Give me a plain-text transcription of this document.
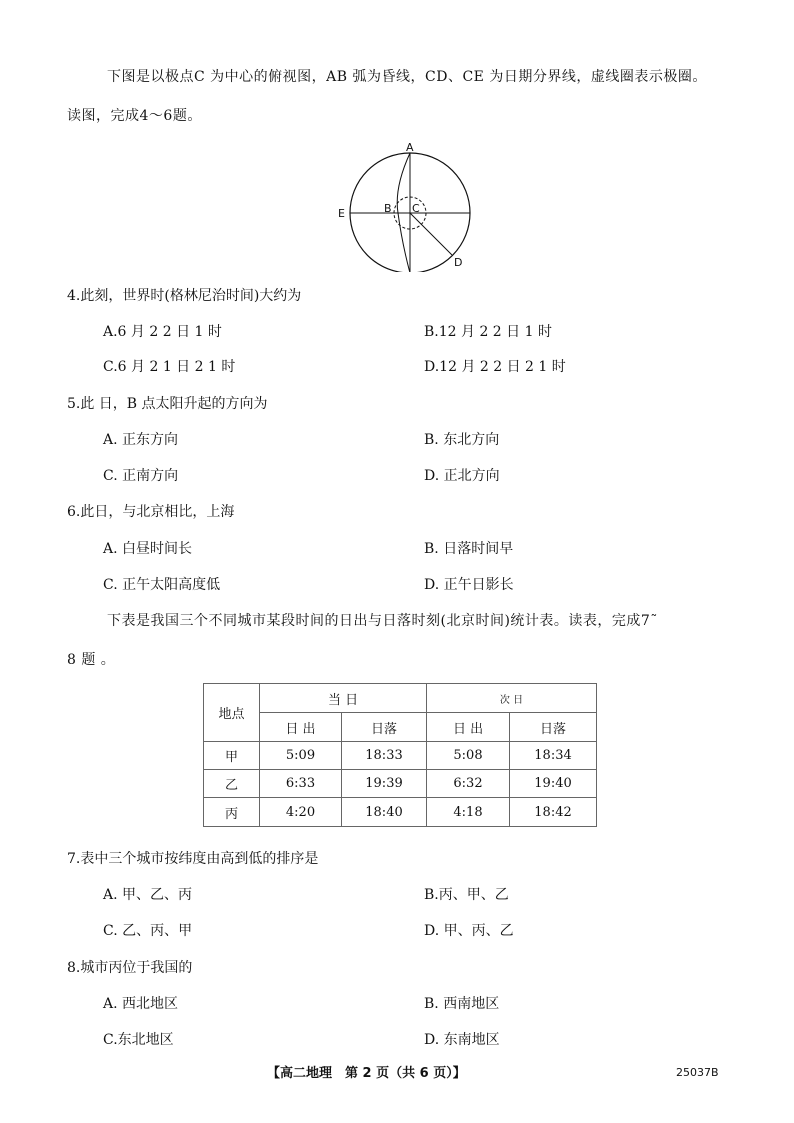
下图是以极点C 为中心的俯视图，AB 弧为昏线，CD、CE 为日期分界线，虚线圈表示极圈。
读图，完成4～6题。
A
B C
D
E
4.此刻，世界时(格林尼治时间)大约为
A.6 月 2 2 日 1 时	B.12 月 2 2 日 1 时
C.6 月 2 1 日 2 1 时	D.12 月 2 2 日 2 1 时
5.此 日，B 点太阳升起的方向为
A. 正东方向	B. 东北方向
C. 正南方向	D. 正北方向
6.此日，与北京相比，上海
A. 白昼时间长	B. 日落时间早
C. 正午太阳高度低	D. 正午日影长
下表是我国三个不同城市某段时间的日出与日落时刻(北京时间)统计表。读表，完成7˜
8 题 。
地点	当 日		次 日	
	日 出	日落	日 出	日落
甲	5:09	18:33	5:08	18:34
乙	6:33	19:39	6:32	19:40
丙	4:20	18:40	4:18	18:42
7.表中三个城市按纬度由高到低的排序是
A. 甲、乙、丙	B.丙、甲、乙
C. 乙、丙、甲	D. 甲、丙、乙
8.城市丙位于我国的
A. 西北地区	B. 西南地区
C.东北地区	D. 东南地区
【高二地理　第 2 页（共 6 页）】	25037B
